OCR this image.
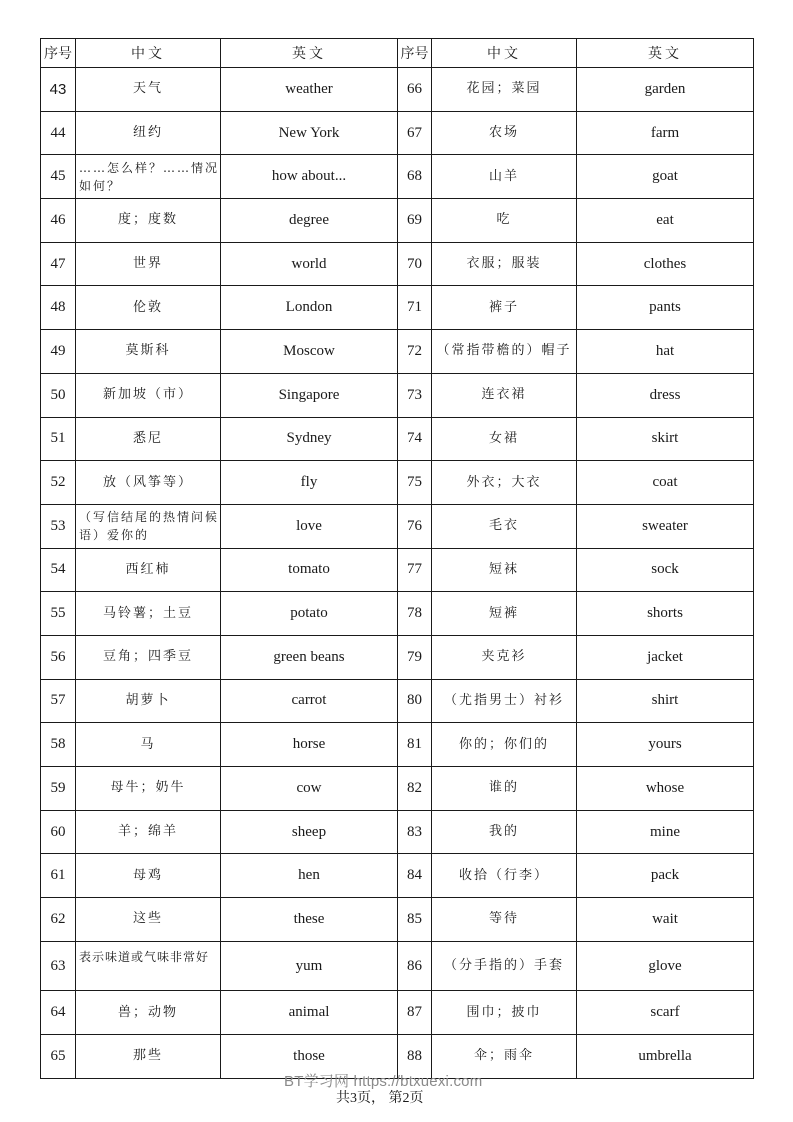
序号	中文	英文	序号	中文	英文
43	天气	weather	66	花园；菜园	garden
44	纽约	New York	67	农场	farm
45	……怎么样？……情况如何？	how about...	68	山羊	goat
46	度；度数	degree	69	吃	eat
47	世界	world	70	衣服；服装	clothes
48	伦敦	London	71	裤子	pants
49	莫斯科	Moscow	72	（常指带檐的）帽子	hat
50	新加坡（市）	Singapore	73	连衣裙	dress
51	悉尼	Sydney	74	女裙	skirt
52	放（风筝等）	fly	75	外衣；大衣	coat
53	（写信结尾的热情问候语）爱你的	love	76	毛衣	sweater
54	西红柿	tomato	77	短袜	sock
55	马铃薯；土豆	potato	78	短裤	shorts
56	豆角；四季豆	green beans	79	夹克衫	jacket
57	胡萝卜	carrot	80	（尤指男士）衬衫	shirt
58	马	horse	81	你的；你们的	yours
59	母牛；奶牛	cow	82	谁的	whose
60	羊；绵羊	sheep	83	我的	mine
61	母鸡	hen	84	收拾（行李）	pack
62	这些	these	85	等待	wait
63	表示味道或气味非常好	yum	86	（分手指的）手套	glove
64	兽；动物	animal	87	围巾；披巾	scarf
65	那些	those	88	伞；雨伞	umbrella
BT学习网 https://btxuexi.com
共3页， 第2页
